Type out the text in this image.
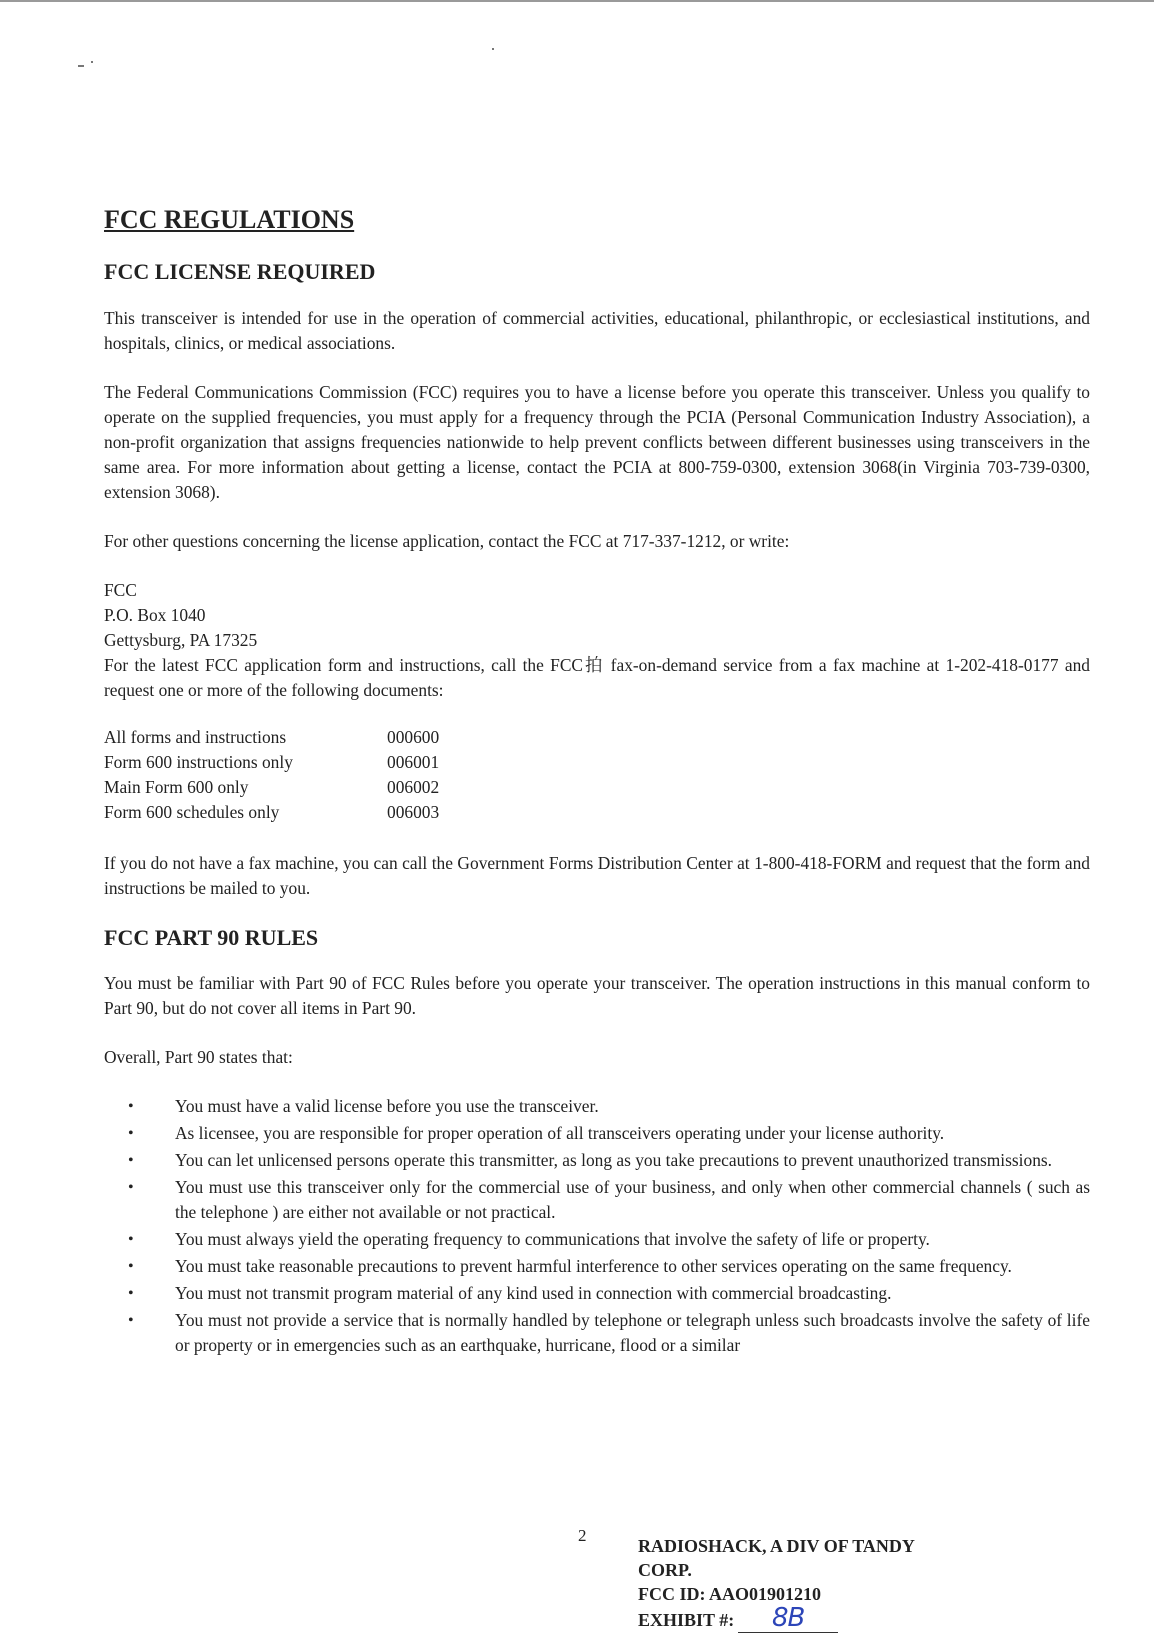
FCC REGULATIONS
FCC LICENSE REQUIRED

This transceiver is intended for use in the operation of commercial activities, educational, philanthropic, or ecclesiastical institutions, and hospitals, clinics, or medical associations.

The Federal Communications Commission (FCC) requires you to have a license before you operate this transceiver. Unless you qualify to operate on the supplied frequencies, you must apply for a frequency through the PCIA (Personal Communication Industry Association), a non-profit organization that assigns frequencies nationwide to help prevent conflicts between different businesses using transceivers in the same area. For more information about getting a license, contact the PCIA at 800-759-0300, extension 3068(in Virginia 703-739-0300, extension 3068).

For other questions concerning the license application, contact the FCC at 717-337-1212, or write:

FCC
P.O. Box 1040
Gettysburg, PA 17325

For the latest FCC application form and instructions, call the FCC拍 fax-on-demand service from a fax machine at 1-202-418-0177 and request one or more of the following documents:

All forms and instructions	000600
Form 600 instructions only	006001
Main Form 600 only	006002
Form 600 schedules only	006003

If you do not have a fax machine, you can call the Government Forms Distribution Center at 1-800-418-FORM and request that the form and instructions be mailed to you.

FCC PART 90 RULES

You must be familiar with Part 90 of FCC Rules before you operate your transceiver. The operation instructions in this manual conform to Part 90, but do not cover all items in Part 90.

Overall, Part 90 states that:

• You must have a valid license before you use the transceiver.
• As licensee, you are responsible for proper operation of all transceivers operating under your license authority.
• You can let unlicensed persons operate this transmitter, as long as you take precautions to prevent unauthorized transmissions.
• You must use this transceiver only for the commercial use of your business, and only when other commercial channels ( such as the telephone ) are either not available or not practical.
• You must always yield the operating frequency to communications that involve the safety of life or property.
• You must take reasonable precautions to prevent harmful interference to other services operating on the same frequency.
• You must not transmit program material of any kind used in connection with commercial broadcasting.
• You must not provide a service that is normally handled by telephone or telegraph unless such broadcasts involve the safety of life or property or in emergencies such as an earthquake, hurricane, flood or a similar
2
RADIOSHACK, A DIV OF TANDY CORP.
FCC ID: AAO01901210
EXHIBIT #: 8B
